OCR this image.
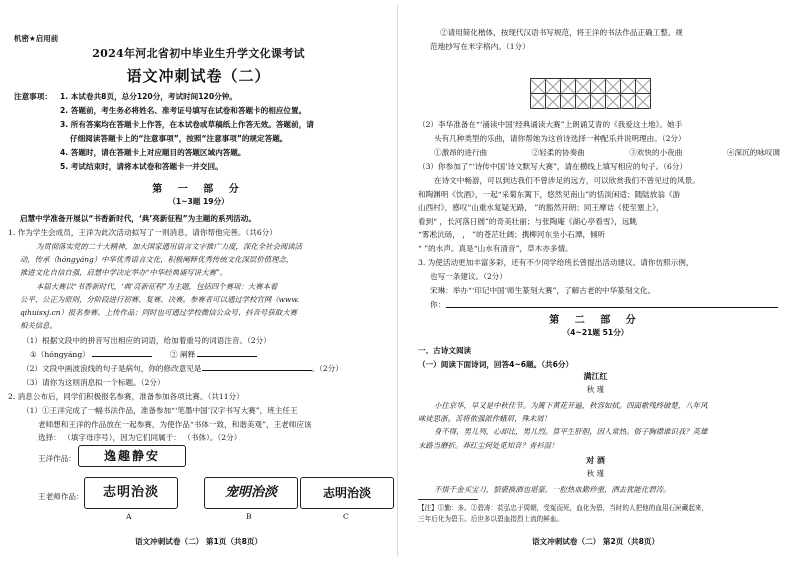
机密★启用前
2024年河北省初中毕业生升学文化课考试
语文冲刺试卷（二）
注意事项：	1. 本试卷共8页，总分120分，考试时间120分钟。
2. 答题前，考生务必将姓名、准考证号填写在试卷和答题卡的相应位置。
3. 所有答案均在答题卡上作答，在本试卷或草稿纸上作答无效。答题前，请
仔细阅读答题卡上的“注意事项”，按照“注意事项”的规定答题。
4. 答题时，请在答题卡上对应题目的答题区域内答题。
5. 考试结束时，请将本试卷和答题卡一并交回。
第 一 部 分
（1~3题 19分）
启慧中学准备开展以“书香新时代，‘典’亮新征程”为主题的系列活动。
1. 作为学生会成员，王洋为此次活动拟写了一则消息，请你帮他完善。（共6分）
为贯彻落实党的二十大精神，加大国家通用语言文字推广力度，深化全社会阅读活
动，传承（hóngyáng）中华优秀语言文化，积极阐释优秀传统文化深层价值理念，
推进文化自信自强，启慧中学决定举办“中华经典诵写讲大赛”。
本届大赛以“书香新时代，‘典’亮新征程”为主题，包括四个赛项：大赛本着
公平、公正为原则，分阶段进行初赛、复赛、决赛。参赛者可以通过学校官网（www.
qihuisxj.cn）报名参赛、上传作品；同时也可通过学校微信公众号、抖音号获取大赛
相关信息。
（1）根据文段中的拼音写出相应的词语，给加着重号的词语注音。（2分）
①（hóngyáng）	② 阐释
（2）文段中画波浪线的句子是病句，你的修改意见是	。（2分）
（3）请你为这则消息拟一个标题。（2分）
2. 消息公布后，同学们积极报名参赛，准备参加各项比赛。（共11分）
（1）①王洋完成了一幅书法作品，准备参加“‘笔墨中国’汉字书写大赛”，班主任王
老师想和王洋的作品放在一起参赛，为使作品“书体一致，和谐美观”，王老师应该
选择： （填字母序号），因为它们同属于： （书体）。（2分）
王洋作品：	逸趣静安
王老师作品：	志明治淡	宠明治淡	志明治淡
A	B	C
语文冲刺试卷（二） 第1页（共8页）
②请用简化楷体，按现代汉语书写规范，将王洋的书法作品正确工整、规
范地抄写在米字格内。（1分）
（2）李华准备在“‘涌读中国’经典诵读大赛”上朗诵艾青的《我爱这土地》。她手
头有几种类型的乐曲，请你帮她为这首诗选择一种配乐并说明理由。（2分）
①激昂的进行曲	②轻柔的协奏曲	③欢快的小夜曲	④深沉的咏叹调
（3）你参加了“‘诗传中国’诗文默写大赛”，请在横线上填写相应的句子。（6分）
在诗文中畅游，可以到达我们不曾涉足的远方，可以欣赏我们不曾见过的风景。
和陶渊明《饮酒》，一起“采菊东篱下，悠然见南山”的恬淡闲适；随陆放翁《游
山西村》，感叹“山重水复疑无路， ”的豁然开朗；同王摩诘《使至塞上》，
看到“ ，长河落日圆”的奇美壮丽；与张陶庵《湖心亭看雪》，远眺
“雾凇沆砀， ， ”的苍茫壮阔；携柳河东坐小石潭，倾听
“ ”的水声。真是“山水有清音”，草木亦多情。
3. 为使活动更加丰富多彩，还有不少同学给班长曾提出活动建议。请你仿照示例，
也写一条建议。（2分）
宋琳：举办“‘印记中国’师生篆刻大赛”，了解古老的中华篆刻文化。
你：
第 二 部 分
（4~21题 51分）
一、古诗文阅读
（一）阅读下面诗词，回答4~6题。（共6分）
满江红
秋 瑾
小住京华，早又是中秋佳节。为篱下黄花开遍，秋容如拭。四面歌残终破楚，八年风
味徒思浙。苦将侬强派作蛾眉，殊未屑！
身不得，男儿列，心却比，男儿烈。算平生肝胆，因人常热。俗子胸襟谁识我？英雄
末路当磨折。莽红尘何处觅知音？青衫湿！
对 酒
秋 瑾
不惜千金买宝刀，貂裘换酒也堪豪。一腔热血勤珍重，洒去犹能化碧涛。
【注】①勤：多。②碧涛：苌弘忠于周朝，受冤而死，血化为碧，当时的人把他的血用石匣藏起来，
三年后化为碧玉。后世多以碧血指烈士流的鲜血。
语文冲刺试卷（二） 第2页（共8页）
